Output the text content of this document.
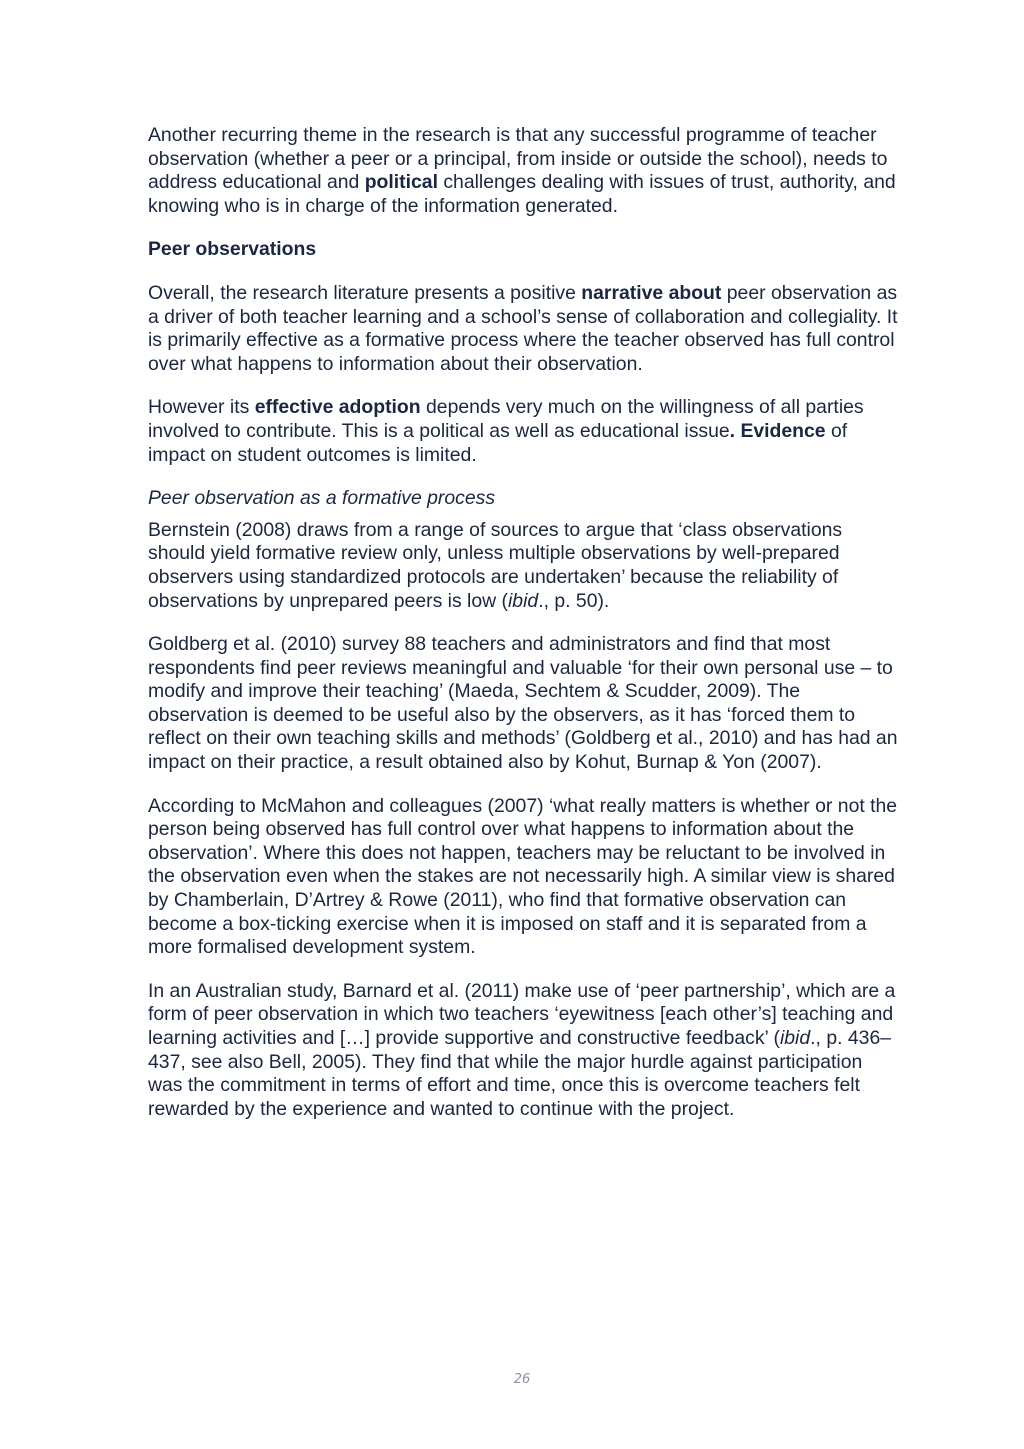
Another recurring theme in the research is that any successful programme of teacher observation (whether a peer or a principal, from inside or outside the school), needs to address educational and political challenges dealing with issues of trust, authority, and knowing who is in charge of the information generated.

Peer observations

Overall, the research literature presents a positive narrative about peer observation as a driver of both teacher learning and a school’s sense of collaboration and collegiality. It is primarily effective as a formative process where the teacher observed has full control over what happens to information about their observation.

However its effective adoption depends very much on the willingness of all parties involved to contribute. This is a political as well as educational issue. Evidence of impact on student outcomes is limited.

Peer observation as a formative process

Bernstein (2008) draws from a range of sources to argue that ‘class observations should yield formative review only, unless multiple observations by well-prepared observers using standardized protocols are undertaken’ because the reliability of observations by unprepared peers is low (ibid., p. 50).

Goldberg et al. (2010) survey 88 teachers and administrators and find that most respondents find peer reviews meaningful and valuable ‘for their own personal use – to modify and improve their teaching’ (Maeda, Sechtem & Scudder, 2009). The observation is deemed to be useful also by the observers, as it has ‘forced them to reflect on their own teaching skills and methods’ (Goldberg et al., 2010) and has had an impact on their practice, a result obtained also by Kohut, Burnap & Yon (2007).

According to McMahon and colleagues (2007) ‘what really matters is whether or not the person being observed has full control over what happens to information about the observation’. Where this does not happen, teachers may be reluctant to be involved in the observation even when the stakes are not necessarily high. A similar view is shared by Chamberlain, D’Artrey & Rowe (2011), who find that formative observation can become a box-ticking exercise when it is imposed on staff and it is separated from a more formalised development system.

In an Australian study, Barnard et al. (2011) make use of ‘peer partnership’, which are a form of peer observation in which two teachers ‘eyewitness [each other’s] teaching and learning activities and […] provide supportive and constructive feedback’ (ibid., p. 436–437, see also Bell, 2005). They find that while the major hurdle against participation was the commitment in terms of effort and time, once this is overcome teachers felt rewarded by the experience and wanted to continue with the project.

26
